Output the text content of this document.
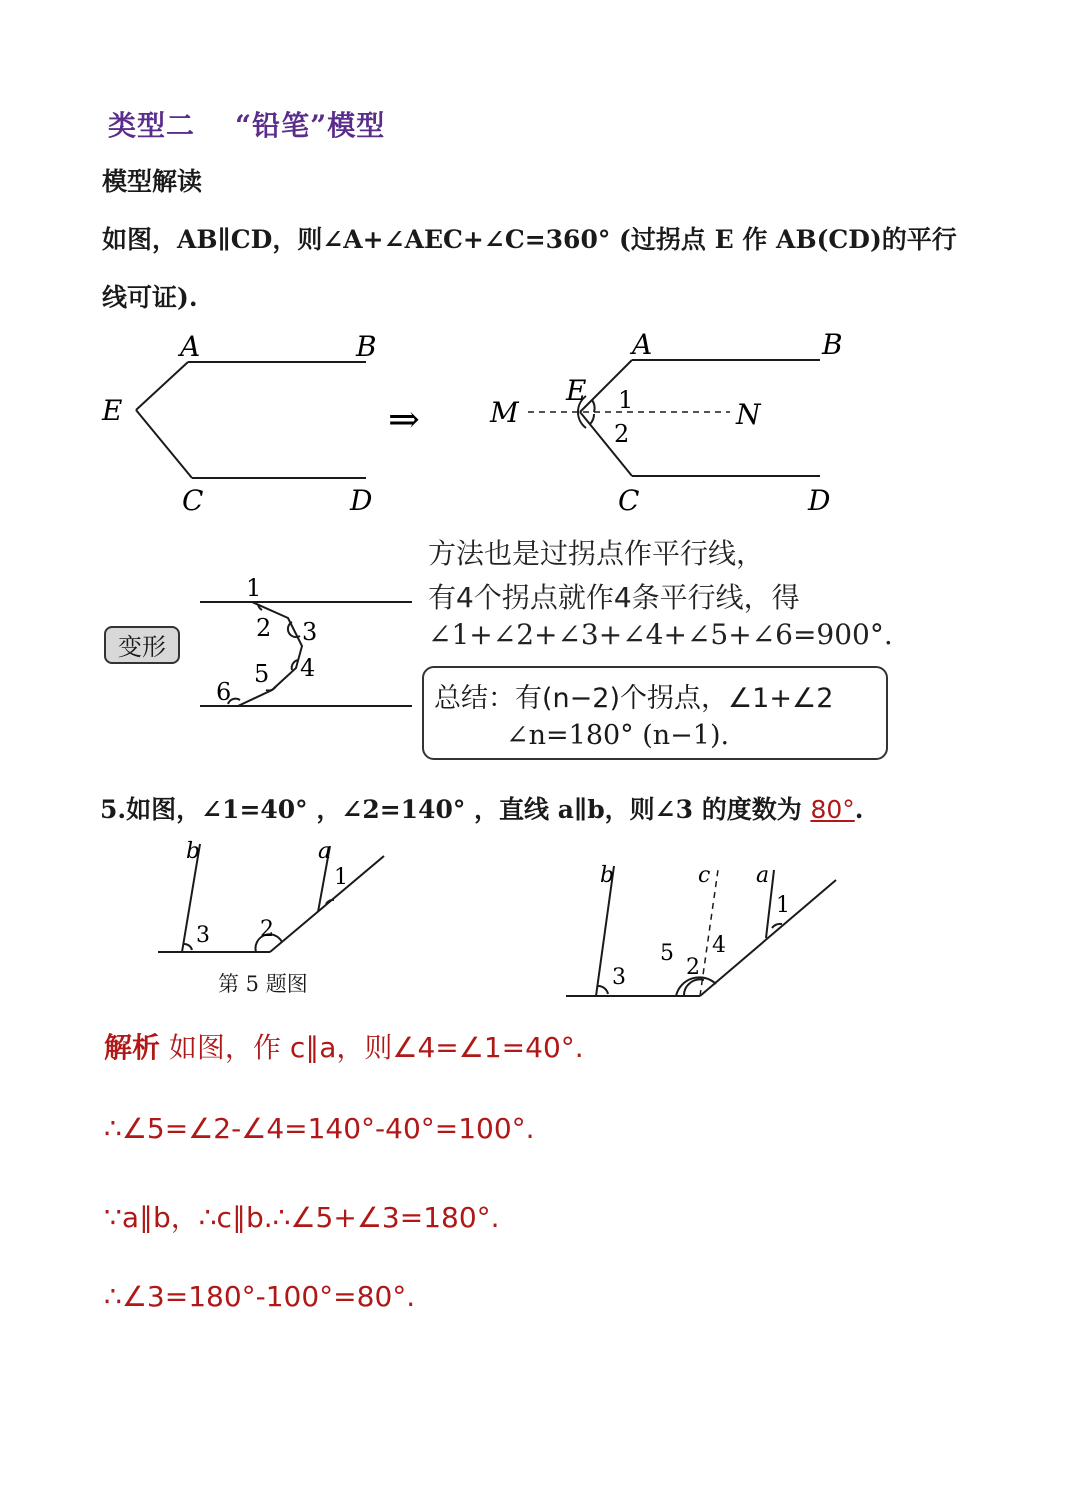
类型二 “铅笔”模型
模型解读
如图，AB∥CD，则∠A+∠AEC+∠C=360° (过拐点 E 作 AB(CD)的平行
线可证).
A	B
E
C	D
⇒
A	B
E
M	N
1
2
C	D
1
2 3
4
5
6
b	a
1
2
3
b	c a
1
2
3
4
5
方法也是过拐点作平行线，
有4个拐点就作4条平行线，得
∠1+∠2+∠3+∠4+∠5+∠6=900°.
变形
总结：有(n−2)个拐点，∠1+∠2
∠n=180° (n−1).
5.如图，∠1=40° ，∠2=140° ，直线 a∥b，则∠3 的度数为 80°.
第 5 题图
解析 如图，作 c∥a，则∠4=∠1=40°.
∴∠5=∠2-∠4=140°-40°=100°.
∵a∥b，∴c∥b.∴∠5+∠3=180°.
∴∠3=180°-100°=80°.
